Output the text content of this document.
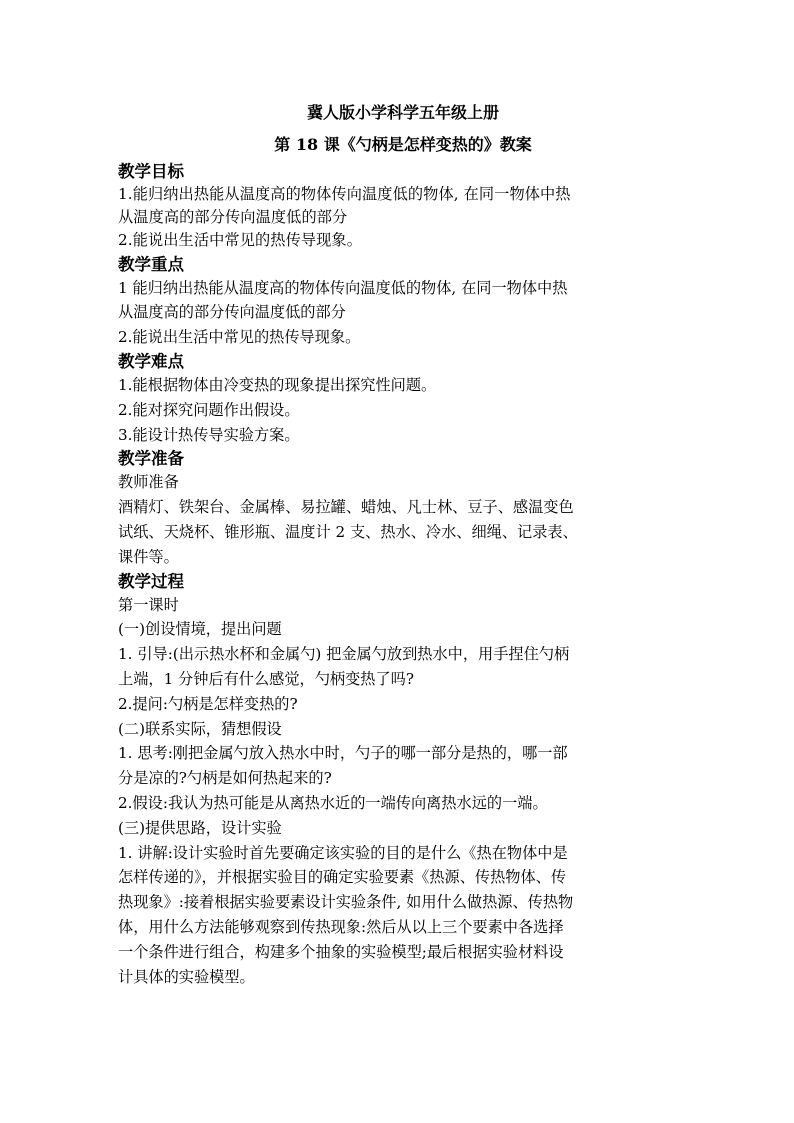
冀人版小学科学五年级上册
第 18 课《勺柄是怎样变热的》教案
教学目标
1.能归纳出热能从温度高的物体传向温度低的物体, 在同一物体中热
从温度高的部分传向温度低的部分
2.能说出生活中常见的热传导现象。
教学重点
1 能归纳出热能从温度高的物体传向温度低的物体, 在同一物体中热
从温度高的部分传向温度低的部分
2.能说出生活中常见的热传导现象。
教学难点
1.能根据物体由冷变热的现象提出探究性问题。
2.能对探究问题作出假设。
3.能设计热传导实验方案。
教学准备
教师准备
酒精灯、铁架台、金属棒、易拉罐、蜡烛、凡士林、豆子、感温变色
试纸、天烧杯、锥形瓶、温度计 2 支、热水、冷水、细绳、记录表、
课件等。
教学过程
第一课时
(一)创设情境，提出问题
1. 引导:(出示热水杯和金属勺) 把金属勺放到热水中，用手捏住勺柄
上端，1 分钟后有什么感觉，勺柄变热了吗?
2.提问:勺柄是怎样变热的?
(二)联系实际，猜想假设
1. 思考:刚把金属勺放入热水中时，勺子的哪一部分是热的，哪一部
分是凉的?勺柄是如何热起来的?
2.假设:我认为热可能是从离热水近的一端传向离热水远的一端。
(三)提供思路，设计实验
1. 讲解:设计实验时首先要确定该实验的目的是什么《热在物体中是
怎样传递的》，并根据实验目的确定实验要素《热源、传热物体、传
热现象》:接着根据实验要素设计实验条件, 如用什么做热源、传热物
体，用什么方法能够观察到传热现象:然后从以上三个要素中各选择
一个条件进行组合，构建多个抽象的实验模型;最后根据实验材料设
计具体的实验模型。
